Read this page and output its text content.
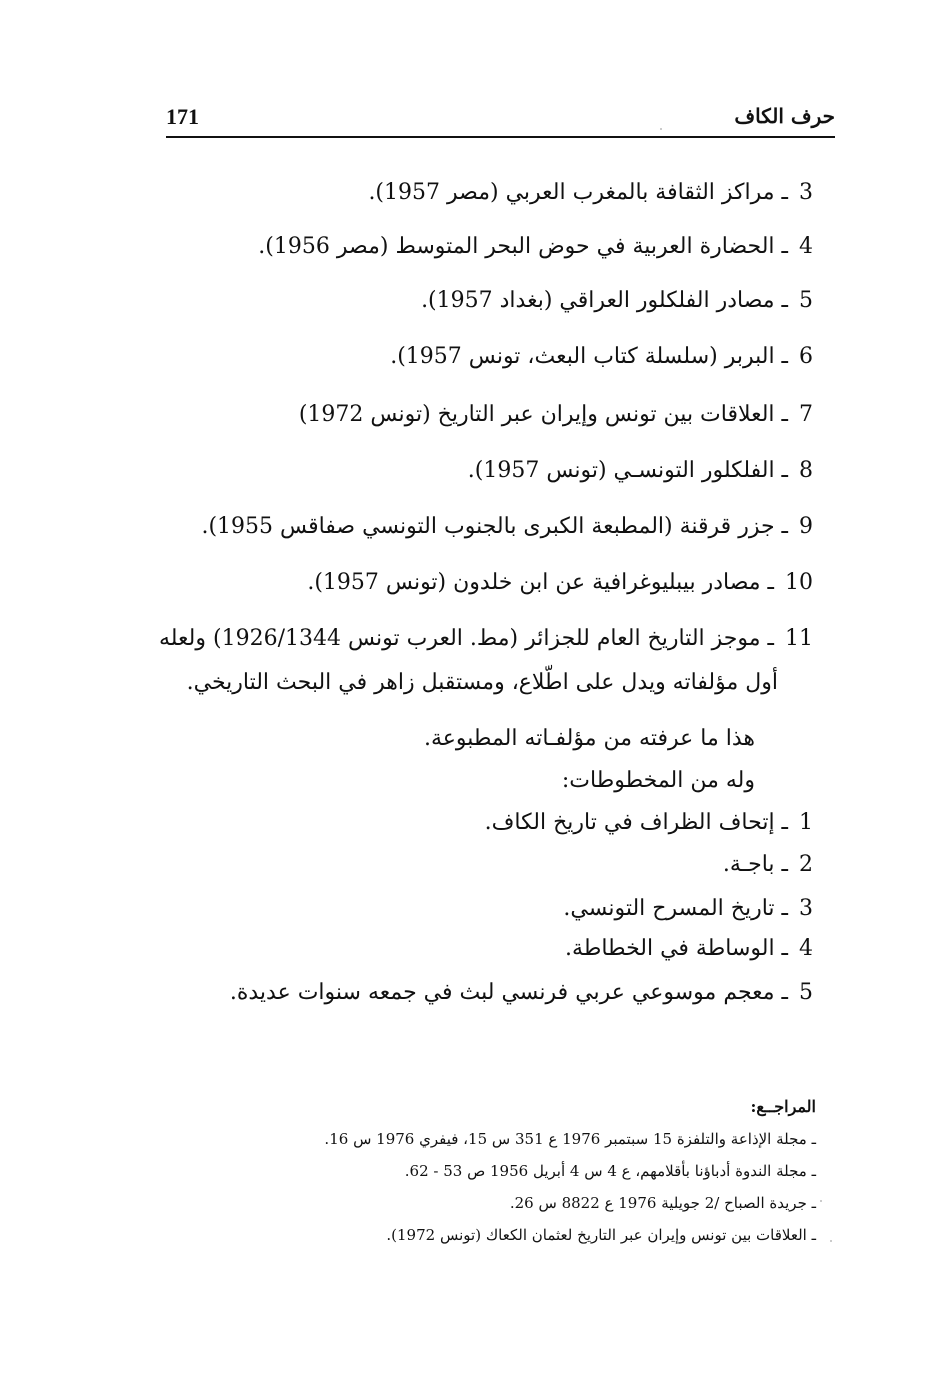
حرف الكاف
171
3 ـ مراكز الثقافة بالمغرب العربي (مصر 1957).
4 ـ الحضارة العربية في حوض البحر المتوسط (مصر 1956).
5 ـ مصادر الفلكلور العراقي (بغداد 1957).
6 ـ البربر (سلسلة كتاب البعث، تونس 1957).
7 ـ العلاقات بين تونس وإيران عبر التاريخ (تونس 1972)
8 ـ الفلكلور التونسـي (تونس 1957).
9 ـ جزر قرقنة (المطبعة الكبرى بالجنوب التونسي صفاقس 1955).
10 ـ مصادر بيبليوغرافية عن ابن خلدون (تونس 1957).
11 ـ موجز التاريخ العام للجزائر (مط. العرب تونس 1926/1344) ولعله
أول مؤلفاته ويدل على اطّلاع، ومستقبل زاهر في البحث التاريخي.
هذا ما عرفته من مؤلفـاته المطبوعة.
وله من المخطوطات:
1 ـ إتحاف الظراف في تاريخ الكاف.
2 ـ باجـة.
3 ـ تاريخ المسرح التونسي.
4 ـ الوساطة في الخطاطة.
5 ـ معجم موسوعي عربي فرنسي لبث في جمعه سنوات عديدة.
المراجــع:
ـ مجلة الإذاعة والتلفزة 15 سبتمبر 1976 ع 351 س 15، فيفري 1976 س 16.
ـ مجلة الندوة أدباؤنا بأقلامهم، ع 4 س 4 أبريل 1956 ص 53 - 62.
ـ جريدة الصباح /2 جويلية 1976 ع 8822 س 26.
ـ العلاقات بين تونس وإيران عبر التاريخ لعثمان الكعاك (تونس 1972).
